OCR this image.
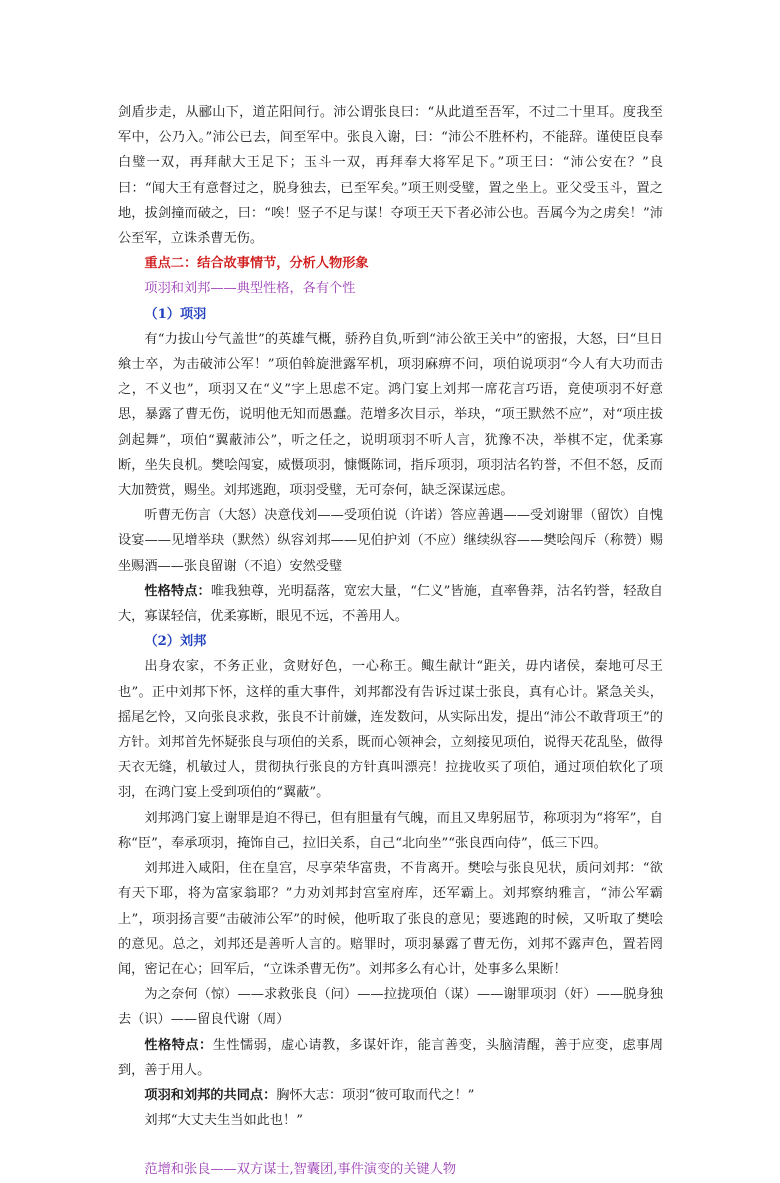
剑盾步走，从郦山下，道芷阳间行。沛公谓张良曰：“从此道至吾军，不过二十里耳。度我至军中，公乃入。”沛公已去，间至军中。张良入谢，曰：“沛公不胜杯杓，不能辞。谨使臣良奉白璧一双，再拜献大王足下；玉斗一双，再拜奉大将军足下。”项王曰：“沛公安在？”良曰：“闻大王有意督过之，脱身独去，已至军矣。”项王则受璧，置之坐上。亚父受玉斗，置之地，拔剑撞而破之，曰：“唉！竖子不足与谋！夺项王天下者必沛公也。吾属今为之虏矣！”沛公至军，立诛杀曹无伤。

重点二：结合故事情节，分析人物形象

项羽和刘邦——典型性格，各有个性

（1）项羽

有“力拔山兮气盖世”的英雄气概，骄矜自负,听到“沛公欲王关中”的密报，大怒，曰“旦日飨士卒，为击破沛公军！”项伯斡旋泄露军机，项羽麻痹不问，项伯说项羽“今人有大功而击之，不义也”，项羽又在“义”字上思虑不定。鸿门宴上刘邦一席花言巧语，竟使项羽不好意思，暴露了曹无伤，说明他无知而愚蠢。范增多次目示，举玦，“项王默然不应”，对“项庄拔剑起舞”，项伯“翼蔽沛公”，听之任之，说明项羽不听人言，犹豫不决，举棋不定，优柔寡断，坐失良机。樊哙闯宴，威慑项羽，慷慨陈词，指斥项羽，项羽沽名钓誉，不但不怒，反而大加赞赏，赐坐。刘邦逃跑，项羽受璧，无可奈何，缺乏深谋远虑。

听曹无伤言（大怒）决意伐刘——受项伯说（许诺）答应善遇——受刘谢罪（留饮）自愧设宴——见增举玦（默然）纵容刘邦——见伯护刘（不应）继续纵容——樊哙闯斥（称赞）赐坐赐酒——张良留谢（不追）安然受璧

性格特点：唯我独尊，光明磊落，宽宏大量，“仁义”皆施，直率鲁莽，沽名钓誉，轻敌自大，寡谋轻信，优柔寡断，眼见不远，不善用人。

（2）刘邦

出身农家，不务正业，贪财好色，一心称王。鲰生献计“距关，毋内诸侯，秦地可尽王也”。正中刘邦下怀，这样的重大事件，刘邦都没有告诉过谋士张良，真有心计。紧急关头，摇尾乞怜，又向张良求救，张良不计前嫌，连发数问，从实际出发，提出“沛公不敢背项王”的方针。刘邦首先怀疑张良与项伯的关系，既而心领神会，立刻接见项伯，说得天花乱坠，做得天衣无缝，机敏过人，贯彻执行张良的方针真叫漂亮！拉拢收买了项伯，通过项伯软化了项羽，在鸿门宴上受到项伯的“翼蔽”。

刘邦鸿门宴上谢罪是迫不得已，但有胆量有气魄，而且又卑躬屈节，称项羽为“将军”，自称“臣”，奉承项羽，掩饰自己，拉旧关系，自己“北向坐”“张良西向侍”，低三下四。

刘邦进入咸阳，住在皇宫，尽享荣华富贵，不肯离开。樊哙与张良见状，质问刘邦：“欲有天下耶，将为富家翁耶？”力劝刘邦封宫室府库，还军霸上。刘邦察纳雅言，“沛公军霸上”，项羽扬言要“击破沛公军”的时候，他听取了张良的意见；要逃跑的时候，又听取了樊哙的意见。总之，刘邦还是善听人言的。赔罪时，项羽暴露了曹无伤，刘邦不露声色，置若罔闻，密记在心；回军后，“立诛杀曹无伤”。刘邦多么有心计，处事多么果断！

为之奈何（惊）——求救张良（问）——拉拢项伯（谋）——谢罪项羽（奸）——脱身独去（识）——留良代谢（周）

性格特点：生性懦弱，虚心请教，多谋奸诈，能言善变，头脑清醒，善于应变，虑事周到，善于用人。

项羽和刘邦的共同点：胸怀大志：项羽“彼可取而代之！”

刘邦“大丈夫生当如此也！”

范增和张良——双方谋士,智囊团,事件演变的关键人物
